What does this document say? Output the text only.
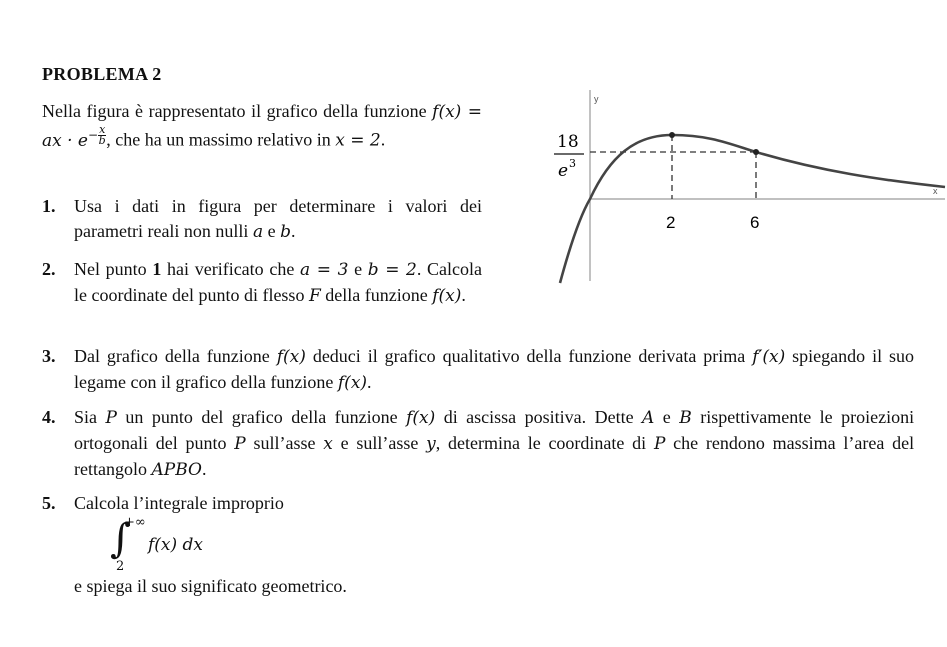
PROBLEMA 2
Nella figura è rappresentato il grafico della funzione f(x) = ax · $e- \frac{x}{b}$ , che ha un massimo relativo in x = 2.
1. Usa i dati in figura per determinare i valori dei parametri reali non nulli a e b.
2. Nel punto 1 hai verificato che a = 3 e b = 2. Calcola le coordinate del punto di flesso F della funzione f(x).
3. Dal grafico della funzione f(x) deduci il grafico qualitativo della funzione derivata prima f′(x) spiegando il suo legame con il grafico della funzione f(x).
4. Sia P un punto del grafico della funzione f(x) di ascissa positiva. Dette A e B rispettivamente le proiezioni ortogonali del punto P sull’asse x e sull’asse y, determina le coordinate di P che rendono massima l’area del rettangolo APBO.
5. Calcola l’integrale improprio
∫
+∞
2
f(x) dx
e spiega il suo significato geometrico.
y
x
2	6
18
e 3
